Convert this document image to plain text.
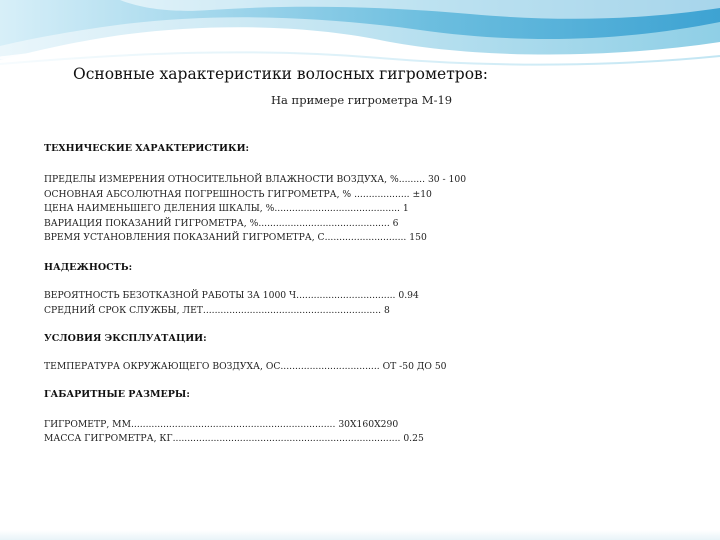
Основные характеристики волосных гигрометров:

На примере гигрометра М-19

ТЕХНИЧЕСКИЕ ХАРАКТЕРИСТИКИ:

ПРЕДЕЛЫ ИЗМЕРЕНИЯ ОТНОСИТЕЛЬНОЙ ВЛАЖНОСТИ ВОЗДУХА, %......... 30 - 100

ОСНОВНАЯ АБСОЛЮТНАЯ ПОГРЕШНОСТЬ ГИГРОМЕТРА, % ................... ±10

ЦЕНА НАИМЕНЬШЕГО ДЕЛЕНИЯ ШКАЛЫ, %........................................... 1

ВАРИАЦИЯ ПОКАЗАНИЙ ГИГРОМЕТРА, %............................................. 6

ВРЕМЯ УСТАНОВЛЕНИЯ ПОКАЗАНИЙ ГИГРОМЕТРА, С............................ 150

НАДЕЖНОСТЬ:

ВЕРОЯТНОСТЬ БЕЗОТКАЗНОЙ РАБОТЫ ЗА 1000 Ч.................................. 0.94

СРЕДНИЙ СРОК СЛУЖБЫ, ЛЕТ............................................................. 8

УСЛОВИЯ ЭКСПЛУАТАЦИИ:

ТЕМПЕРАТУРА ОКРУЖАЮЩЕГО ВОЗДУХА, ОС.................................. ОТ -50 ДО 50

ГАБАРИТНЫЕ РАЗМЕРЫ:

ГИГРОМЕТР, ММ...................................................................... 30Х160Х290

МАССА ГИГРОМЕТРА, КГ.............................................................................. 0.25
